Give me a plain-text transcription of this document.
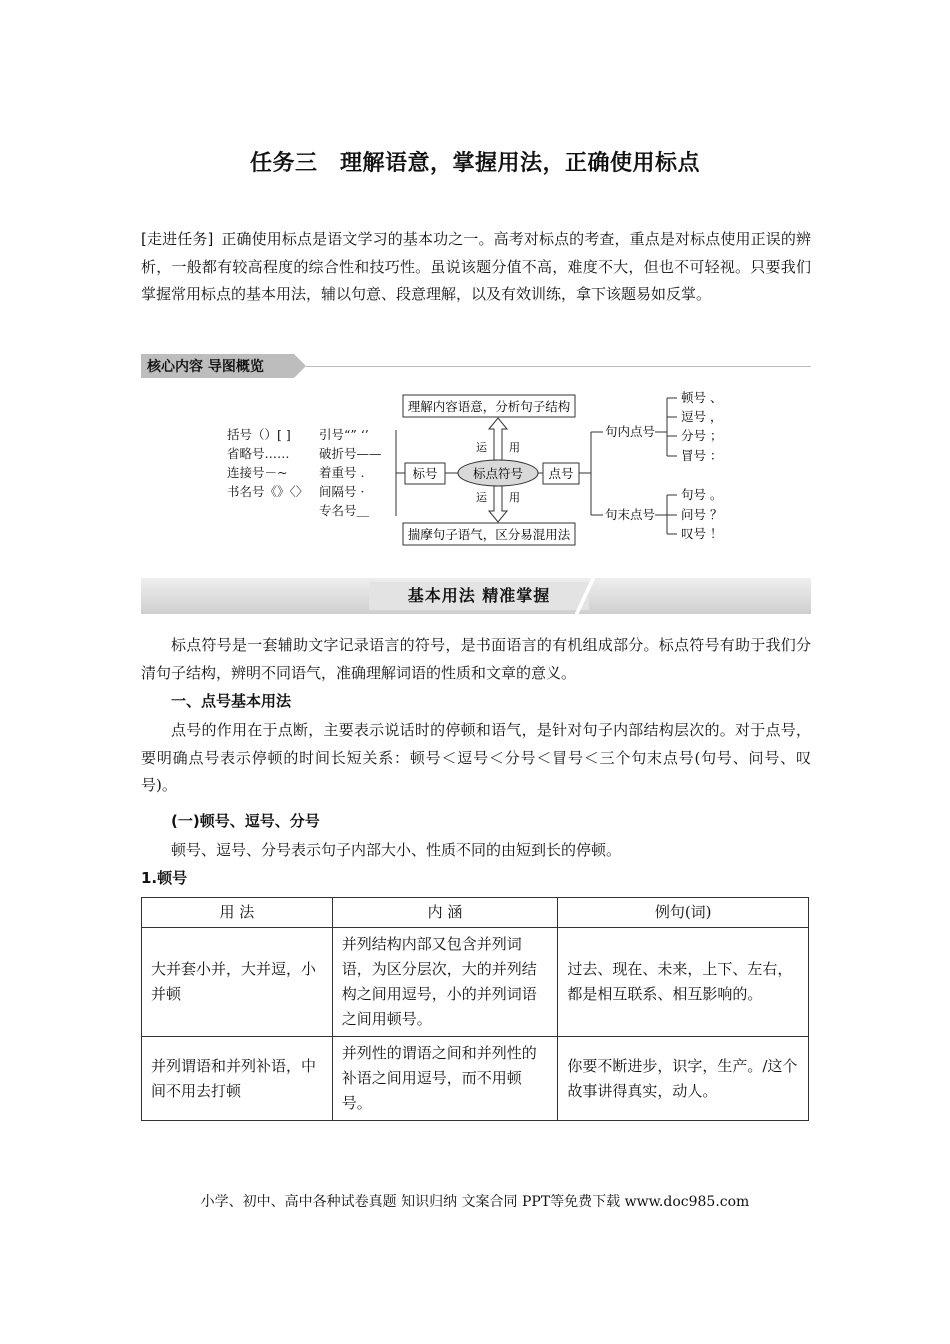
任务三　理解语意，掌握用法，正确使用标点
[走进任务] 正确使用标点是语文学习的基本功之一。高考对标点的考查，重点是对标点使用正误的辨析，一般都有较高程度的综合性和技巧性。虽说该题分值不高，难度不大，但也不可轻视。只要我们掌握常用标点的基本用法，辅以句意、段意理解，以及有效训练，拿下该题易如反掌。
核心内容 导图概览
括号（）[ ]
省略号……
连接号－~
书名号《》〈〉
引号“” ‘’
破折号——
着重号 .
间隔号 ·
专名号＿
标号	标点符号 点号
理解内容语意，分析句子结构
揣摩句子语气，区分易混用法
运 用
运 用
句内点号
句末点号
顿号 、
逗号 ，
分号 ；
冒号 ：
句号 。
问号 ？
叹号 ！
基本用法 精准掌握
标点符号是一套辅助文字记录语言的符号，是书面语言的有机组成部分。标点符号有助于我们分清句子结构，辨明不同语气，准确理解词语的性质和文章的意义。
一、点号基本用法
点号的作用在于点断，主要表示说话时的停顿和语气，是针对句子内部结构层次的。对于点号，要明确点号表示停顿的时间长短关系：顿号＜逗号＜分号＜冒号＜三个句末点号(句号、问号、叹号)。
(一)顿号、逗号、分号
顿号、逗号、分号表示句子内部大小、性质不同的由短到长的停顿。
1.顿号
用 法	内 涵	例句(词)
大并套小并，大并逗，小并顿	并列结构内部又包含并列词语，为区分层次，大的并列结构之间用逗号，小的并列词语之间用顿号。	过去、现在、未来，上下、左右，都是相互联系、相互影响的。
并列谓语和并列补语，中间不用去打顿	并列性的谓语之间和并列性的补语之间用逗号，而不用顿号。	你要不断进步，识字，生产。/这个故事讲得真实，动人。
小学、初中、高中各种试卷真题 知识归纳 文案合同 PPT等免费下载 www.doc985.com
